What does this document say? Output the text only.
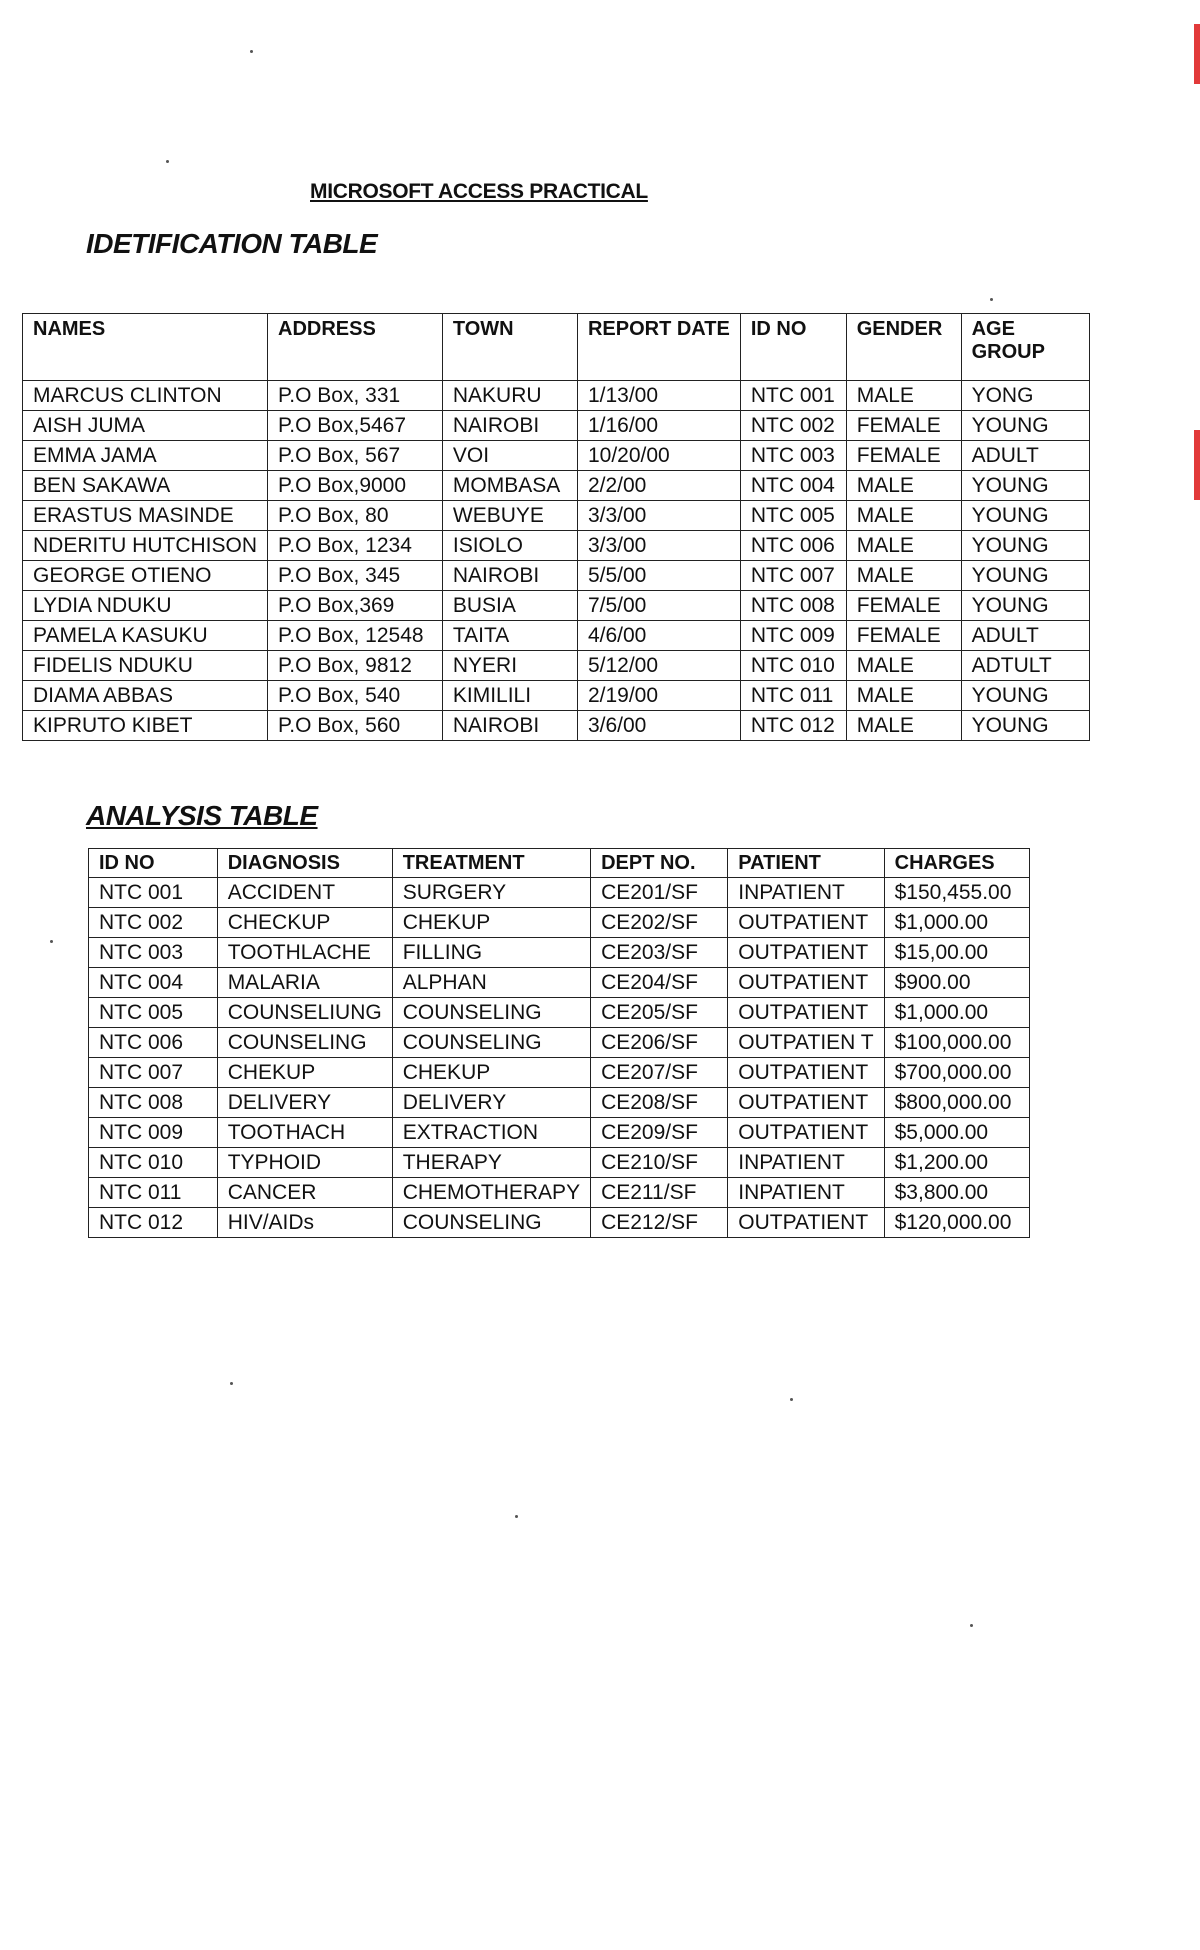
MICROSOFT ACCESS PRACTICAL
IDETIFICATION TABLE
NAMES	ADDRESS	TOWN	REPORT DATE	ID NO	GENDER	AGE GROUP
MARCUS CLINTON	P.O Box, 331	NAKURU	1/13/00	NTC 001	MALE	YONG
AISH JUMA	P.O Box,5467	NAIROBI	1/16/00	NTC 002	FEMALE	YOUNG
EMMA JAMA	P.O Box, 567	VOI	10/20/00	NTC 003	FEMALE	ADULT
BEN SAKAWA	P.O Box,9000	MOMBASA	2/2/00	NTC 004	MALE	YOUNG
ERASTUS MASINDE	P.O Box, 80	WEBUYE	3/3/00	NTC 005	MALE	YOUNG
NDERITU HUTCHISON	P.O Box, 1234	ISIOLO	3/3/00	NTC 006	MALE	YOUNG
GEORGE OTIENO	P.O Box, 345	NAIROBI	5/5/00	NTC 007	MALE	YOUNG
LYDIA NDUKU	P.O Box,369	BUSIA	7/5/00	NTC 008	FEMALE	YOUNG
PAMELA KASUKU	P.O Box, 12548	TAITA	4/6/00	NTC 009	FEMALE	ADULT
FIDELIS NDUKU	P.O Box, 9812	NYERI	5/12/00	NTC 010	MALE	ADTULT
DIAMA ABBAS	P.O Box, 540	KIMILILI	2/19/00	NTC 011	MALE	YOUNG
KIPRUTO KIBET	P.O Box, 560	NAIROBI	3/6/00	NTC 012	MALE	YOUNG
ANALYSIS TABLE
ID NO	DIAGNOSIS	TREATMENT	DEPT NO.	PATIENT	CHARGES
NTC 001	ACCIDENT	SURGERY	CE201/SF	INPATIENT	$150,455.00
NTC 002	CHECKUP	CHEKUP	CE202/SF	OUTPATIENT	$1,000.00
NTC 003	TOOTHLACHE	FILLING	CE203/SF	OUTPATIENT	$15,00.00
NTC 004	MALARIA	ALPHAN	CE204/SF	OUTPATIENT	$900.00
NTC 005	COUNSELIUNG	COUNSELING	CE205/SF	OUTPATIENT	$1,000.00
NTC 006	COUNSELING	COUNSELING	CE206/SF	OUTPATIEN T	$100,000.00
NTC 007	CHEKUP	CHEKUP	CE207/SF	OUTPATIENT	$700,000.00
NTC 008	DELIVERY	DELIVERY	CE208/SF	OUTPATIENT	$800,000.00
NTC 009	TOOTHACH	EXTRACTION	CE209/SF	OUTPATIENT	$5,000.00
NTC 010	TYPHOID	THERAPY	CE210/SF	INPATIENT	$1,200.00
NTC 011	CANCER	CHEMOTHERAPY	CE211/SF	INPATIENT	$3,800.00
NTC 012	HIV/AIDs	COUNSELING	CE212/SF	OUTPATIENT	$120,000.00
